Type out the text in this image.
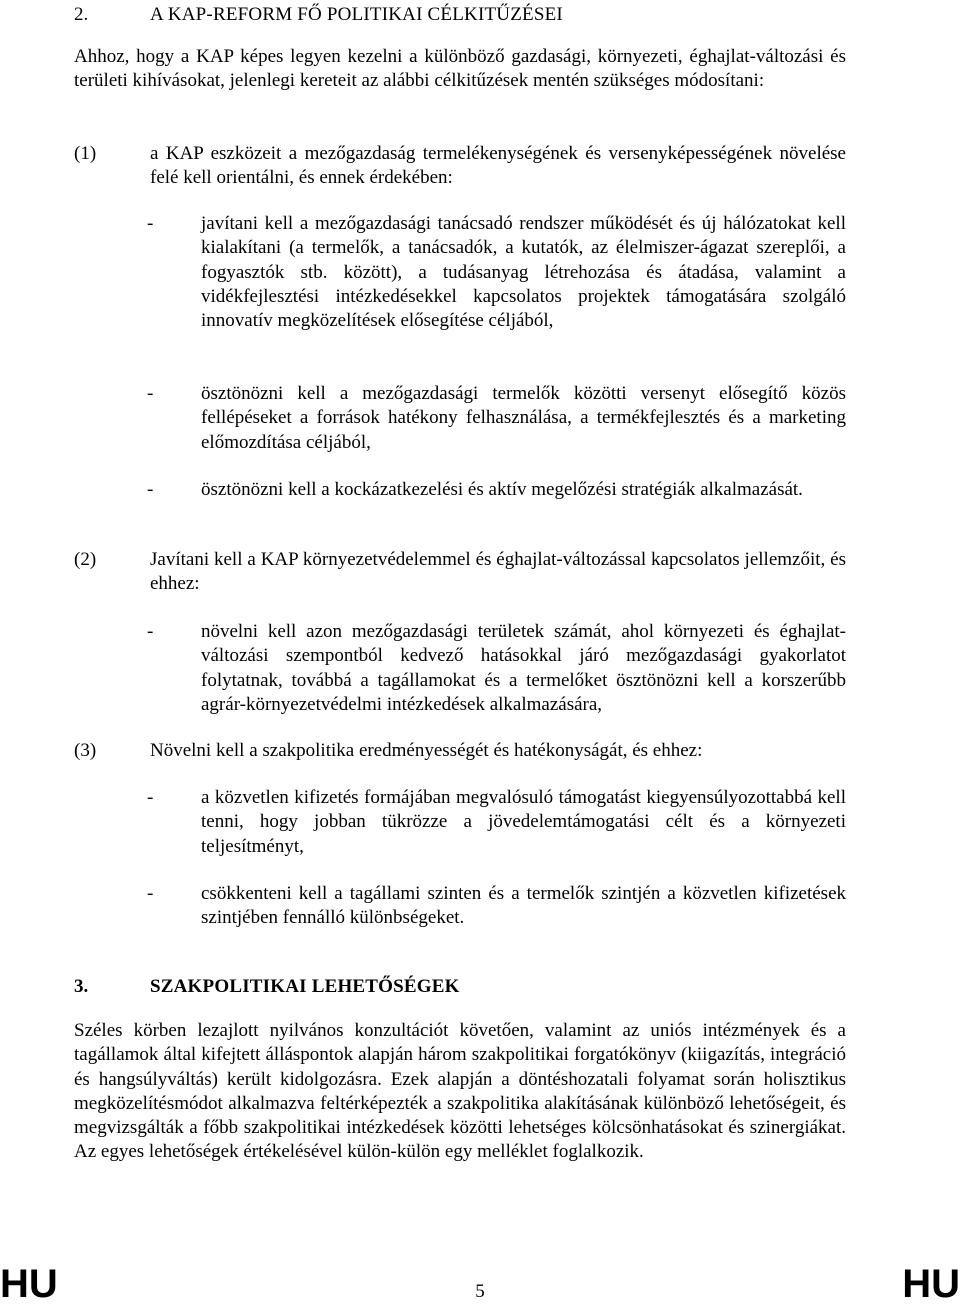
2.	A KAP-REFORM FŐ POLITIKAI CÉLKITŰZÉSEI

Ahhoz, hogy a KAP képes legyen kezelni a különböző gazdasági, környezeti, éghajlat-változási és területi kihívásokat, jelenlegi kereteit az alábbi célkitűzések mentén szükséges módosítani:

(1)	a KAP eszközeit a mezőgazdaság termelékenységének és versenyképességének növelése felé kell orientálni, és ennek érdekében:
-	javítani kell a mezőgazdasági tanácsadó rendszer működését és új hálózatokat kell kialakítani (a termelők, a tanácsadók, a kutatók, az élelmiszer-ágazat szereplői, a fogyasztók stb. között), a tudásanyag létrehozása és átadása, valamint a vidékfejlesztési intézkedésekkel kapcsolatos projektek támogatására szolgáló innovatív megközelítések elősegítése céljából,
-	ösztönözni kell a mezőgazdasági termelők közötti versenyt elősegítő közös fellépéseket a források hatékony felhasználása, a termékfejlesztés és a marketing előmozdítása céljából,
-	ösztönözni kell a kockázatkezelési és aktív megelőzési stratégiák alkalmazását.
(2)	Javítani kell a KAP környezetvédelemmel és éghajlat-változással kapcsolatos jellemzőit, és ehhez:
-	növelni kell azon mezőgazdasági területek számát, ahol környezeti és éghajlat-változási szempontból kedvező hatásokkal járó mezőgazdasági gyakorlatot folytatnak, továbbá a tagállamokat és a termelőket ösztönözni kell a korszerűbb agrár-környezetvédelmi intézkedések alkalmazására,
(3)	Növelni kell a szakpolitika eredményességét és hatékonyságát, és ehhez:
-	a közvetlen kifizetés formájában megvalósuló támogatást kiegyensúlyozottabbá kell tenni, hogy jobban tükrözze a jövedelemtámogatási célt és a környezeti teljesítményt,
-	csökkenteni kell a tagállami szinten és a termelők szintjén a közvetlen kifizetések szintjében fennálló különbségeket.
3.	SZAKPOLITIKAI LEHETŐSÉGEK

Széles körben lezajlott nyilvános konzultációt követően, valamint az uniós intézmények és a tagállamok által kifejtett álláspontok alapján három szakpolitikai forgatókönyv (kiigazítás, integráció és hangsúlyváltás) került kidolgozásra. Ezek alapján a döntéshozatali folyamat során holisztikus megközelítésmódot alkalmazva feltérképezték a szakpolitika alakításának különböző lehetőségeit, és megvizsgálták a főbb szakpolitikai intézkedések közötti lehetséges kölcsönhatásokat és szinergiákat. Az egyes lehetőségek értékelésével külön-külön egy melléklet foglalkozik.

HU	5	HU
